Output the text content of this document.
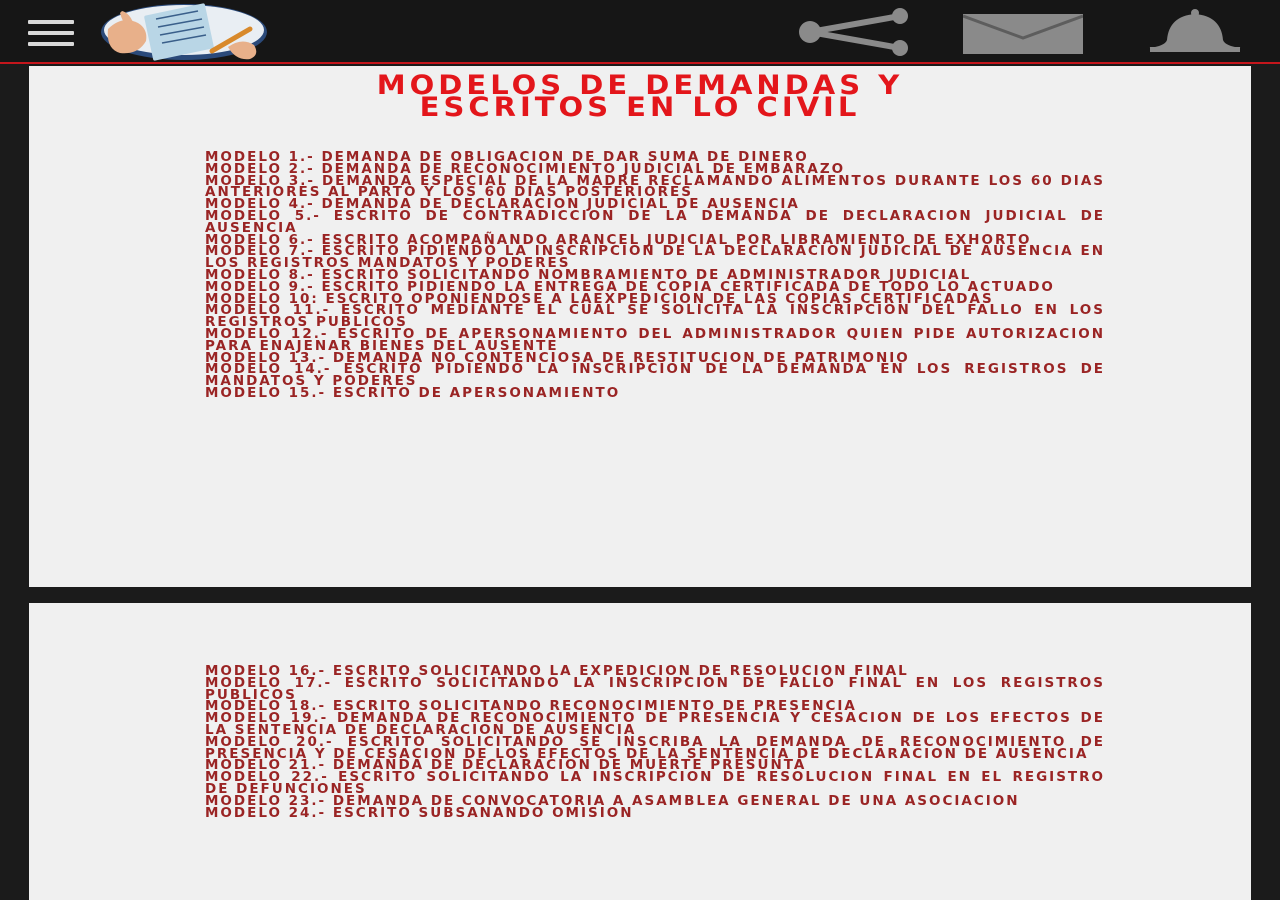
MODELOS DE DEMANDAS Y
ESCRITOS EN LO CIVIL
MODELO 1.- DEMANDA DE OBLIGACION DE DAR SUMA DE DINERO
MODELO 2.- DEMANDA DE RECONOCIMIENTO JUDICIAL DE EMBARAZO
MODELO 3.- DEMANDA ESPECIAL DE LA MADRE RECLAMANDO ALIMENTOS DURANTE LOS 60 DIAS ANTERIORES AL PARTO Y LOS 60 DIAS POSTERIORES
MODELO 4.- DEMANDA DE DECLARACION JUDICIAL DE AUSENCIA
MODELO 5.- ESCRITO DE CONTRADICCION DE LA DEMANDA DE DECLARACION JUDICIAL DE AUSENCIA
MODELO 6.- ESCRITO ACOMPAÑANDO ARANCEL JUDICIAL POR LIBRAMIENTO DE EXHORTO
MODELO 7.- ESCRITO PIDIENDO LA INSCRIPCION DE LA DECLARACION JUDICIAL DE AUSENCIA EN LOS REGISTROS MANDATOS Y PODERES
MODELO 8.- ESCRITO SOLICITANDO NOMBRAMIENTO DE ADMINISTRADOR JUDICIAL
MODELO 9.- ESCRITO PIDIENDO LA ENTREGA DE COPIA CERTIFICADA DE TODO LO ACTUADO
MODELO 10: ESCRITO OPONIENDOSE A LAEXPEDICION DE LAS COPIAS CERTIFICADAS
MODELO 11.- ESCRITO MEDIANTE EL CUAL SE SOLICITA LA INSCRIPCION DEL FALLO EN LOS REGISTROS PUBLICOS
MODELO 12.- ESCRITO DE APERSONAMIENTO DEL ADMINISTRADOR QUIEN PIDE AUTORIZACION PARA ENAJENAR BIENES DEL AUSENTE
MODELO 13.- DEMANDA NO CONTENCIOSA DE RESTITUCION DE PATRIMONIO
MODELO 14.- ESCRITO PIDIENDO LA INSCRIPCION DE LA DEMANDA EN LOS REGISTROS DE MANDATOS Y PODERES
MODELO 15.- ESCRITO DE APERSONAMIENTO
MODELO 16.- ESCRITO SOLICITANDO LA EXPEDICION DE RESOLUCION FINAL
MODELO 17.- ESCRITO SOLICITANDO LA INSCRIPCION DE FALLO FINAL EN LOS REGISTROS PUBLICOS
MODELO 18.- ESCRITO SOLICITANDO RECONOCIMIENTO DE PRESENCIA
MODELO 19.- DEMANDA DE RECONOCIMIENTO DE PRESENCIA Y CESACION DE LOS EFECTOS DE LA SENTENCIA DE DECLARACION DE AUSENCIA
MODELO 20.- ESCRITO SOLICITANDO SE INSCRIBA LA DEMANDA DE RECONOCIMIENTO DE PRESENCIA Y DE CESACION DE LOS EFECTOS DE LA SENTENCIA DE DECLARACION DE AUSENCIA
MODELO 21.- DEMANDA DE DECLARACION DE MUERTE PRESUNTA
MODELO 22.- ESCRITO SOLICITANDO LA INSCRIPCION DE RESOLUCION FINAL EN EL REGISTRO DE DEFUNCIONES
MODELO 23.- DEMANDA DE CONVOCATORIA A ASAMBLEA GENERAL DE UNA ASOCIACION
MODELO 24.- ESCRITO SUBSANANDO OMISION
